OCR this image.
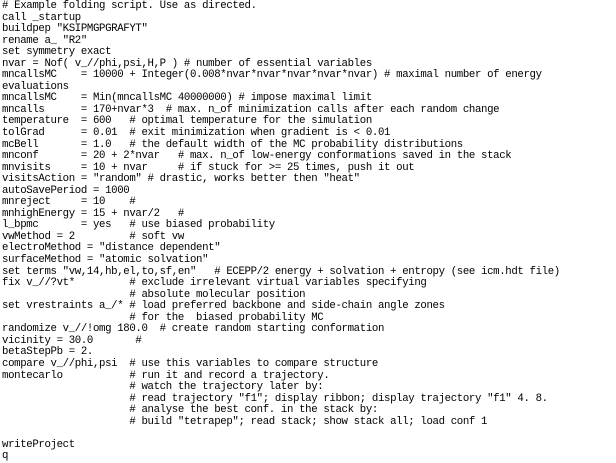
# Example folding script. Use as directed.
call _startup
buildpep "KSIPMGPGRAFYT"
rename a_ "R2"
set symmetry exact
nvar = Nof( v_//phi,psi,H,P ) # number of essential variables
mncallsMC    = 10000 + Integer(0.008*nvar*nvar*nvar*nvar*nvar) # maximal number of energy
evaluations
mncallsMC    = Min(mncallsMC 40000000) # impose maximal limit
mncalls      = 170+nvar*3  # max. n_of minimization calls after each random change
temperature  = 600   # optimal temperature for the simulation
tolGrad      = 0.01  # exit minimization when gradient is < 0.01
mcBell       = 1.0   # the default width of the MC probability distributions
mnconf       = 20 + 2*nvar   # max. n_of low-energy conformations saved in the stack
mnvisits     = 10 + nvar     # if stuck for >= 25 times, push it out
visitsAction = "random" # drastic, works better then "heat"
autoSavePeriod = 1000
mnreject     = 10    #
mnhighEnergy = 15 + nvar/2   #
l_bpmc       = yes   # use biased probability
vwMethod = 2         # soft vw
electroMethod = "distance dependent"
surfaceMethod = "atomic solvation"
set terms "vw,14,hb,el,to,sf,en"   # ECEPP/2 energy + solvation + entropy (see icm.hdt file)
fix v_//?vt*         # exclude irrelevant virtual variables specifying
# absolute molecular position
set vrestraints a_/* # load preferred backbone and side-chain angle zones
# for the  biased probability MC
randomize v_//!omg 180.0  # create random starting conformation
vicinity = 30.0       #
betaStepPb = 2.
compare v_//phi,psi  # use this variables to compare structure
montecarlo           # run it and record a trajectory.
# watch the trajectory later by:
# read trajectory "f1"; display ribbon; display trajectory "f1" 4. 8.
# analyse the best conf. in the stack by:
# build "tetrapep"; read stack; show stack all; load conf 1
writeProject
q
